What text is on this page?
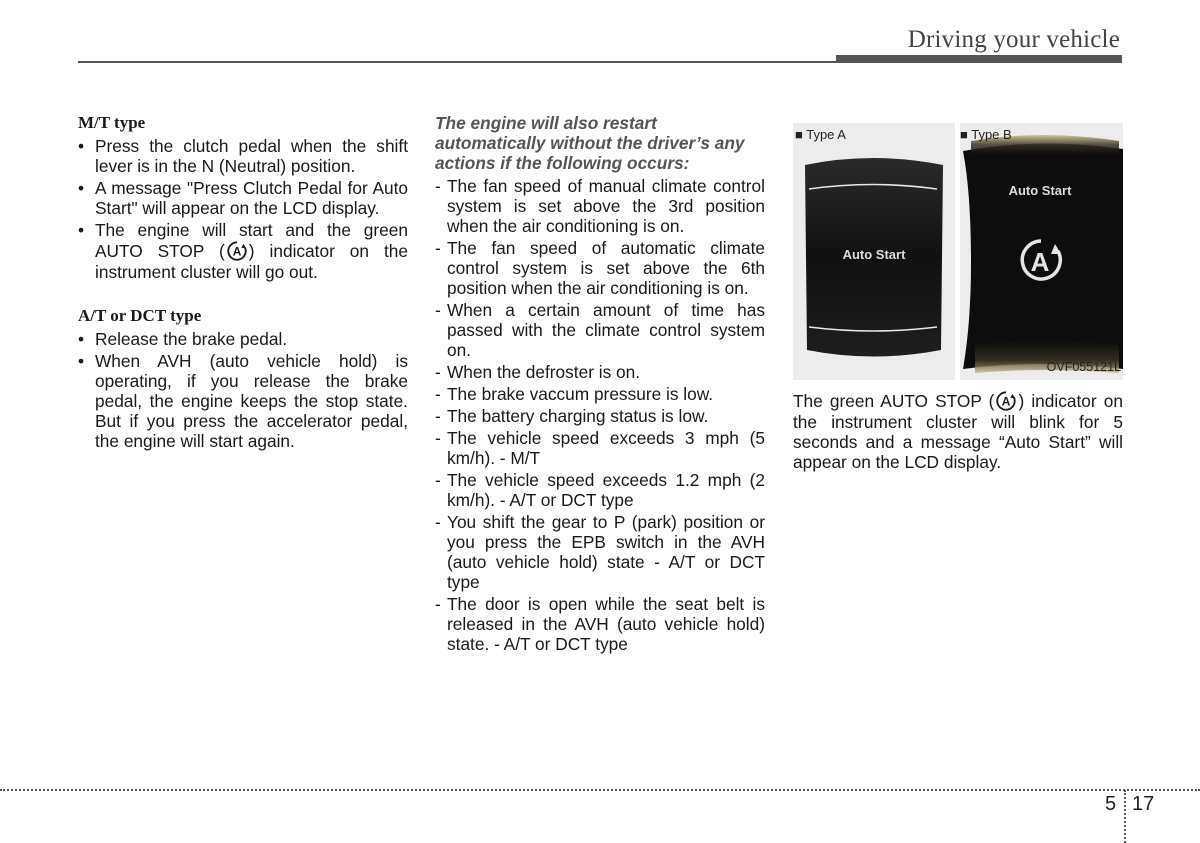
Driving your vehicle
M/T type
• Press the clutch pedal when the shift lever is in the N (Neutral) position.
• A message "Press Clutch Pedal for Auto Start" will appear on the LCD display.
• The engine will start and the green AUTO STOP ( A ) indicator on the instrument cluster will go out.
A/T or DCT type
• Release the brake pedal.
• When AVH (auto vehicle hold) is operating, if you release the brake pedal, the engine keeps the stop state. But if you press the accelerator pedal, the engine will start again.
The engine will also restart automatically without the driver’s any actions if the following occurs:
- The fan speed of manual climate control system is set above the 3rd position when the air conditioning is on.
- The fan speed of automatic climate control system is set above the 6th position when the air conditioning is on.
- When a certain amount of time has passed with the climate control system on.
- When the defroster is on.
- The brake vaccum pressure is low.
- The battery charging status is low.
- The vehicle speed exceeds 3 mph (5 km/h). - M/T
- The vehicle speed exceeds 1.2 mph (2 km/h). - A/T or DCT type
- You shift the gear to P (park) position or you press the EPB switch in the AVH (auto vehicle hold) state - A/T or DCT type
- The door is open while the seat belt is released in the AVH (auto vehicle hold) state. - A/T or DCT type
■ Type A	■ Type B
Auto Start
Auto Start
A
OVF055121L
The green AUTO STOP ( A ) indicator on the instrument cluster will blink for 5 seconds and a message “Auto Start” will appear on the LCD display.
5 17
